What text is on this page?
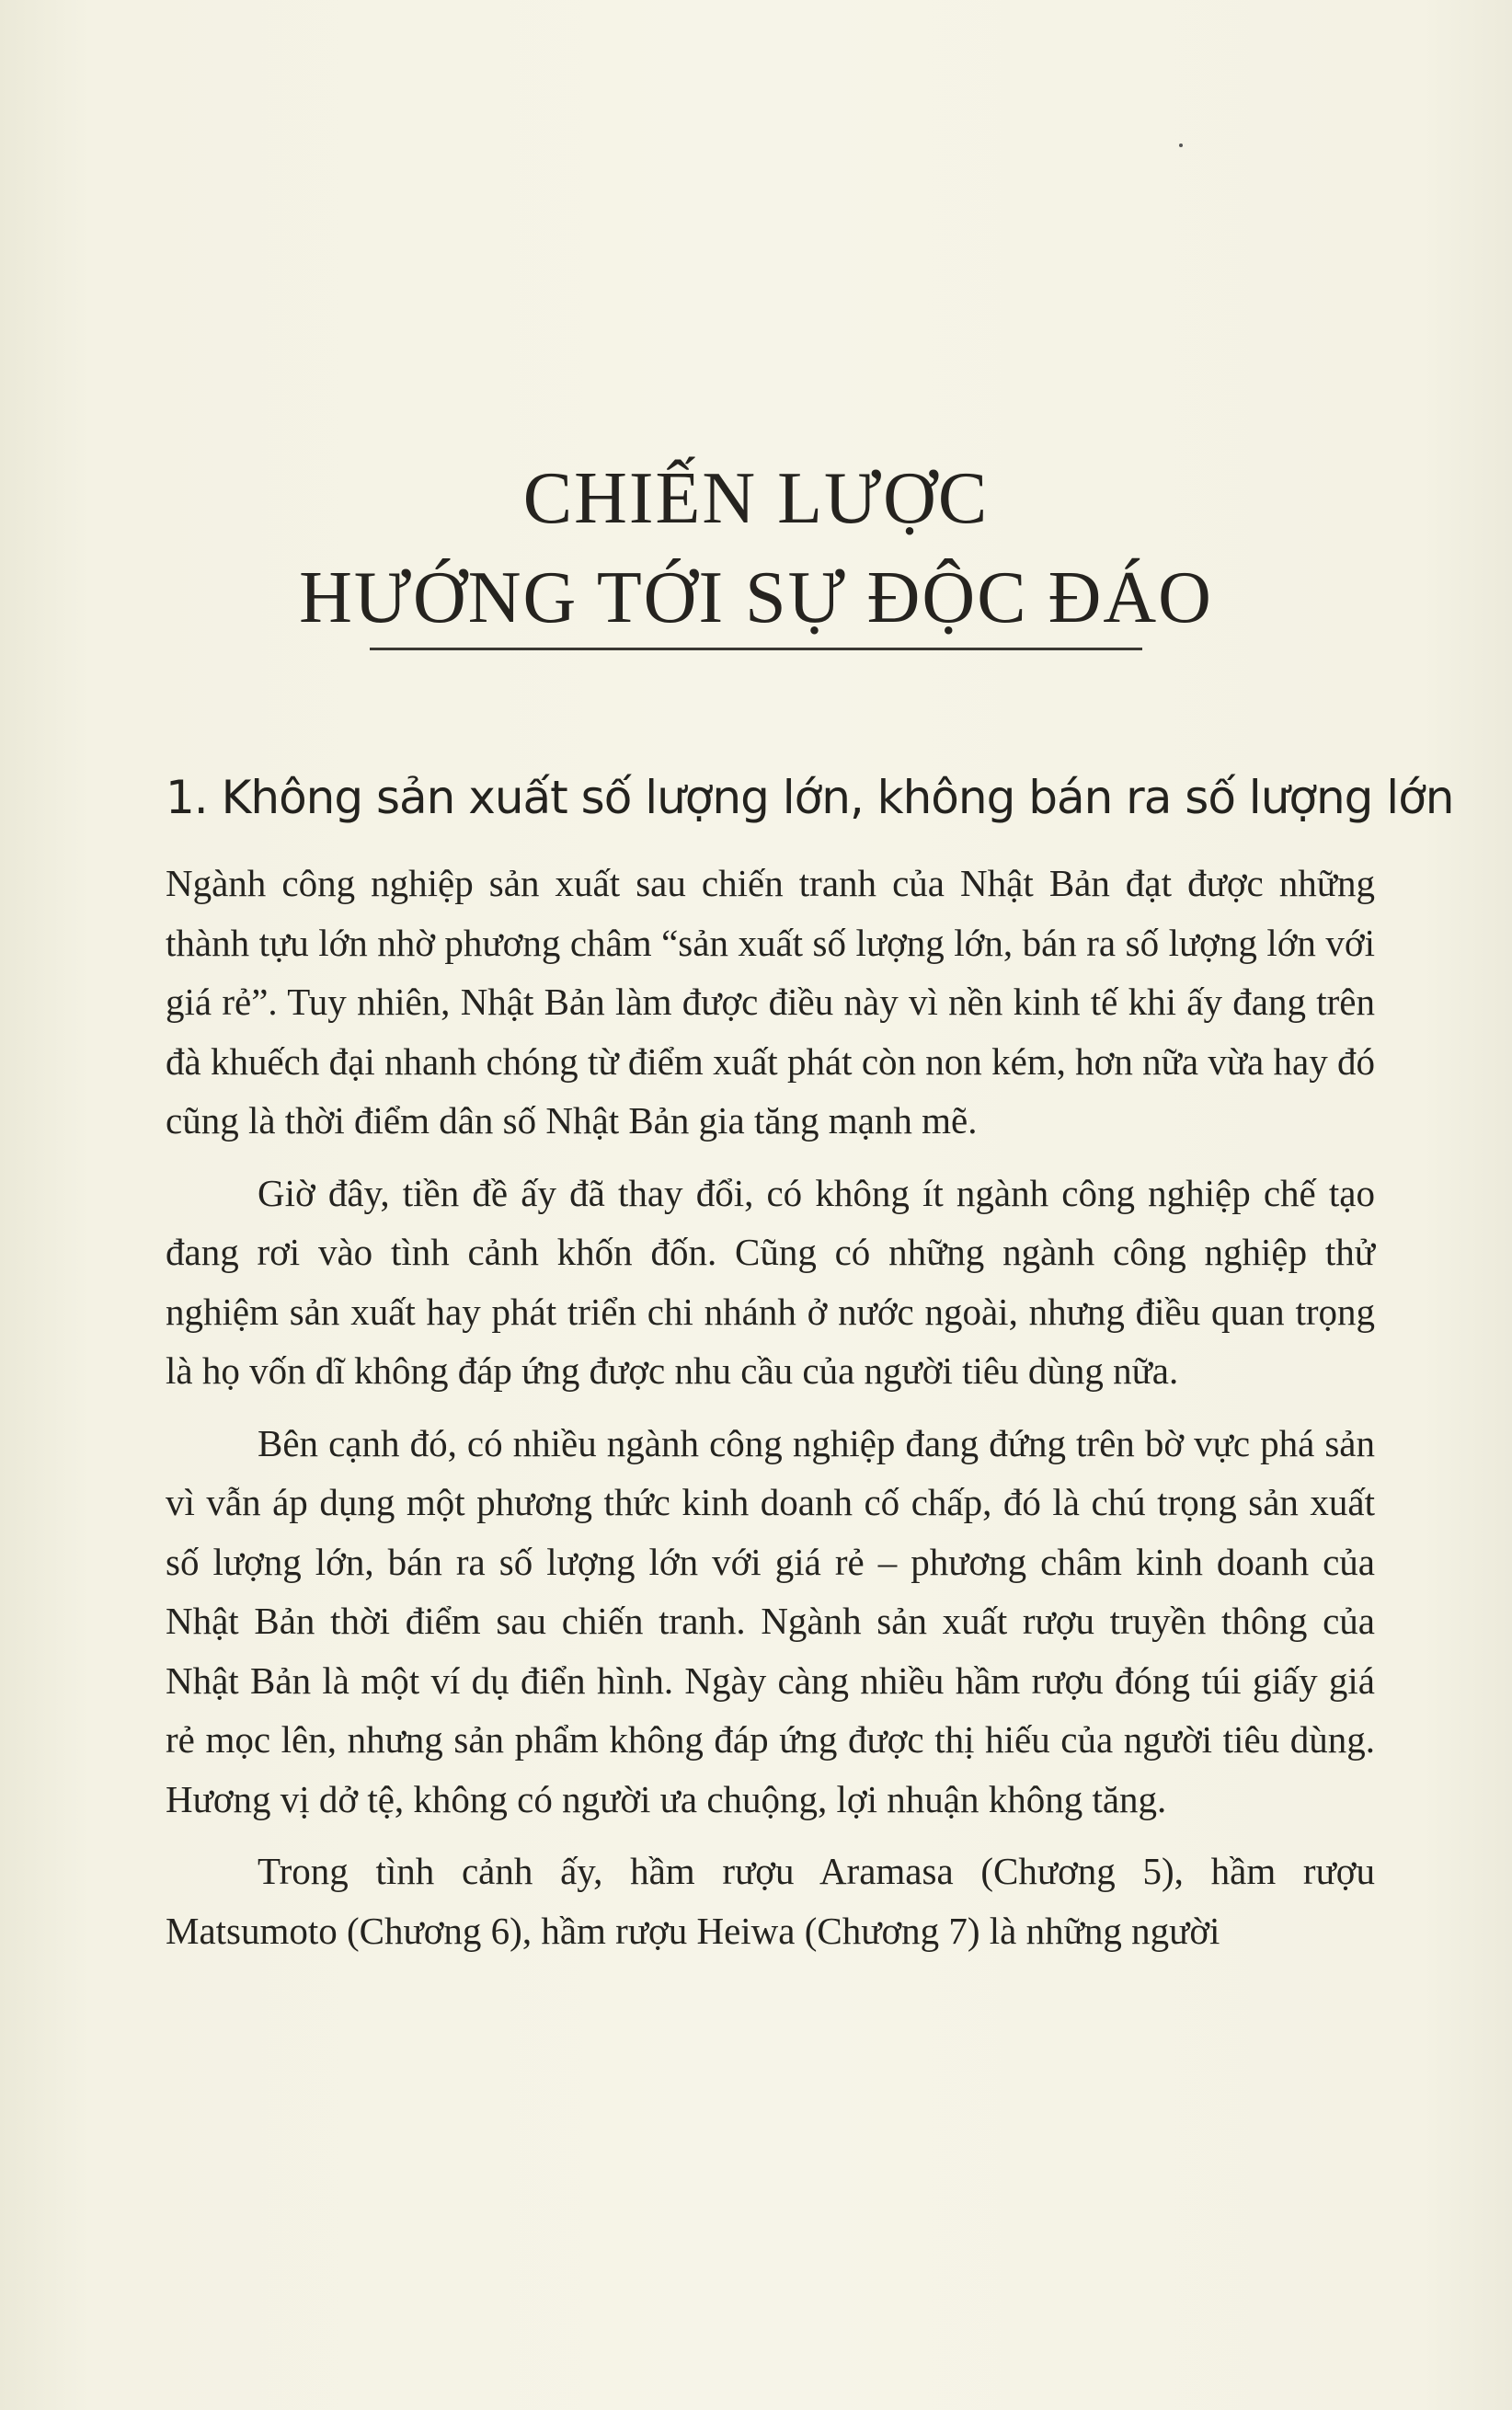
CHIẾN LƯỢC
HƯỚNG TỚI SỰ ĐỘC ĐÁO
1. Không sản xuất số lượng lớn, không bán ra số lượng lớn

Ngành công nghiệp sản xuất sau chiến tranh của Nhật Bản đạt được những thành tựu lớn nhờ phương châm “sản xuất số lượng lớn, bán ra số lượng lớn với giá rẻ”. Tuy nhiên, Nhật Bản làm được điều này vì nền kinh tế khi ấy đang trên đà khuếch đại nhanh chóng từ điểm xuất phát còn non kém, hơn nữa vừa hay đó cũng là thời điểm dân số Nhật Bản gia tăng mạnh mẽ.

Giờ đây, tiền đề ấy đã thay đổi, có không ít ngành công nghiệp chế tạo đang rơi vào tình cảnh khốn đốn. Cũng có những ngành công nghiệp thử nghiệm sản xuất hay phát triển chi nhánh ở nước ngoài, nhưng điều quan trọng là họ vốn dĩ không đáp ứng được nhu cầu của người tiêu dùng nữa.

Bên cạnh đó, có nhiều ngành công nghiệp đang đứng trên bờ vực phá sản vì vẫn áp dụng một phương thức kinh doanh cố chấp, đó là chú trọng sản xuất số lượng lớn, bán ra số lượng lớn với giá rẻ – phương châm kinh doanh của Nhật Bản thời điểm sau chiến tranh. Ngành sản xuất rượu truyền thông của Nhật Bản là một ví dụ điển hình. Ngày càng nhiều hầm rượu đóng túi giấy giá rẻ mọc lên, nhưng sản phẩm không đáp ứng được thị hiếu của người tiêu dùng. Hương vị dở tệ, không có người ưa chuộng, lợi nhuận không tăng.

Trong tình cảnh ấy, hầm rượu Aramasa (Chương 5), hầm rượu Matsumoto (Chương 6), hầm rượu Heiwa (Chương 7) là những người
